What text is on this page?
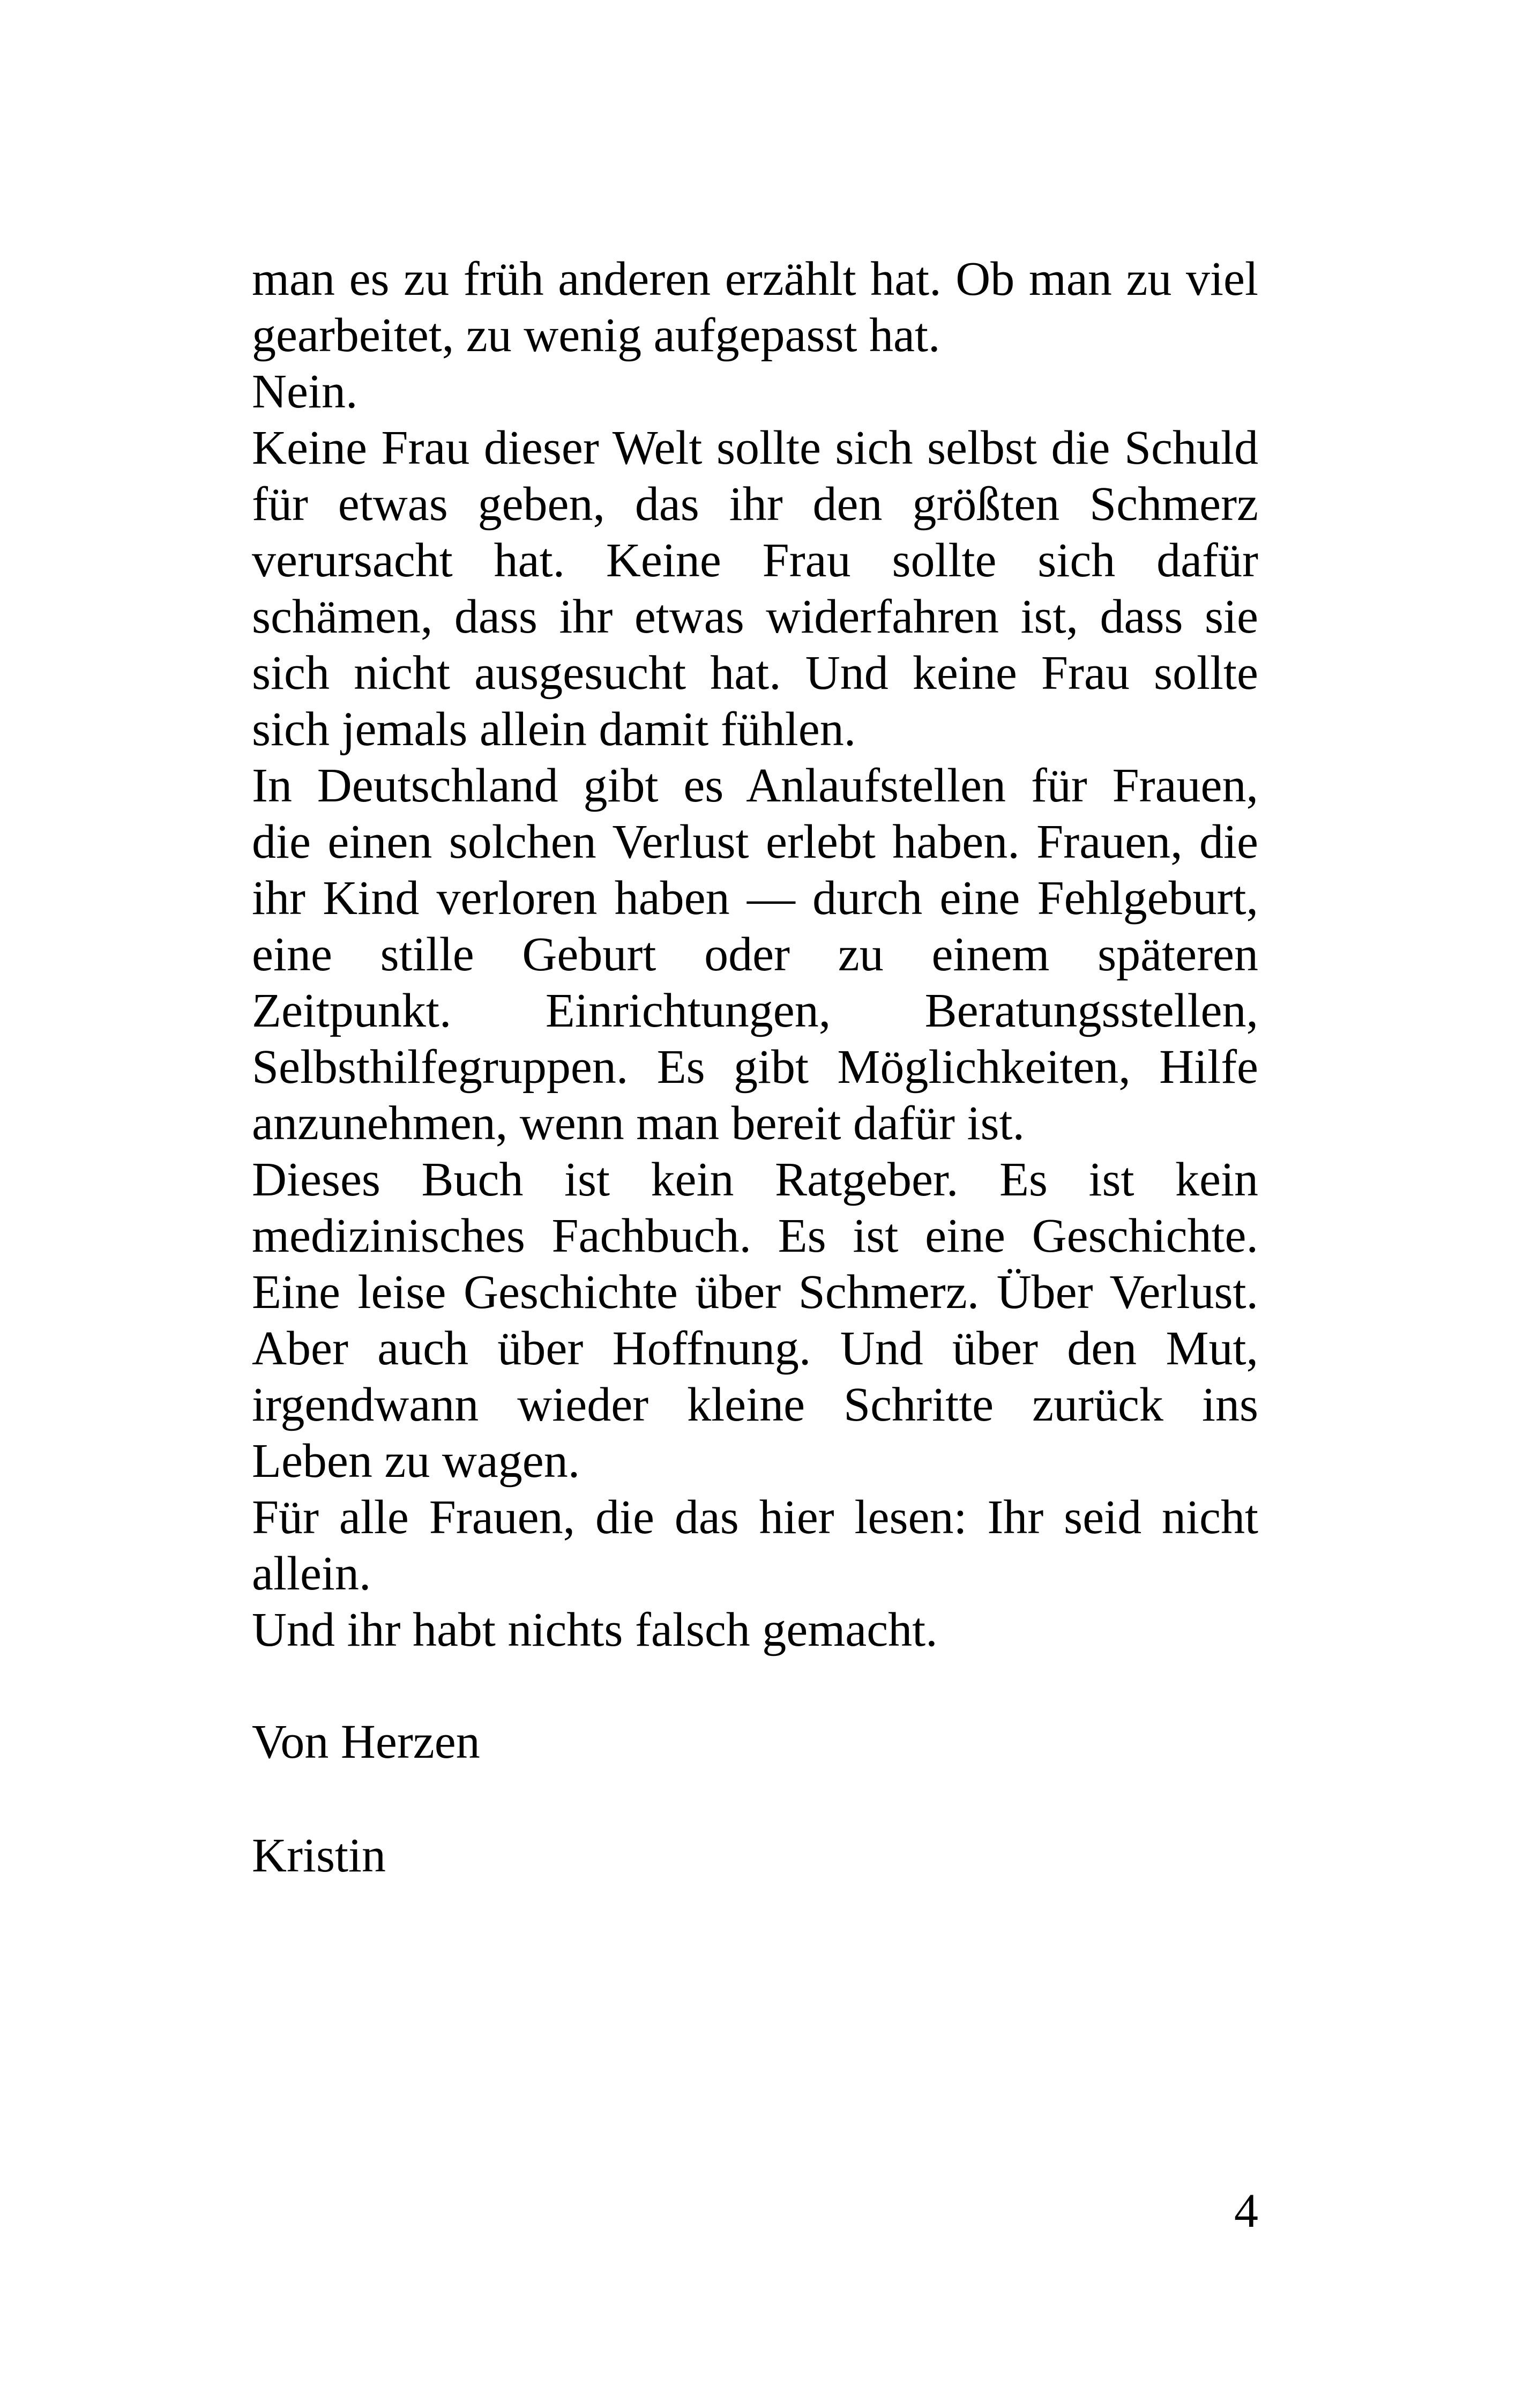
man es zu früh anderen erzählt hat. Ob man zu viel
gearbeitet, zu wenig aufgepasst hat.
Nein.
Keine Frau dieser Welt sollte sich selbst die Schuld
für etwas geben, das ihr den größten Schmerz
verursacht hat. Keine Frau sollte sich dafür
schämen, dass ihr etwas widerfahren ist, dass sie
sich nicht ausgesucht hat. Und keine Frau sollte
sich jemals allein damit fühlen.
In Deutschland gibt es Anlaufstellen für Frauen,
die einen solchen Verlust erlebt haben. Frauen, die
ihr Kind verloren haben — durch eine Fehlgeburt,
eine stille Geburt oder zu einem späteren
Zeitpunkt. Einrichtungen, Beratungsstellen,
Selbsthilfegruppen. Es gibt Möglichkeiten, Hilfe
anzunehmen, wenn man bereit dafür ist.
Dieses Buch ist kein Ratgeber. Es ist kein
medizinisches Fachbuch. Es ist eine Geschichte.
Eine leise Geschichte über Schmerz. Über Verlust.
Aber auch über Hoffnung. Und über den Mut,
irgendwann wieder kleine Schritte zurück ins
Leben zu wagen.
Für alle Frauen, die das hier lesen: Ihr seid nicht
allein.
Und ihr habt nichts falsch gemacht.
Von Herzen
Kristin
4
